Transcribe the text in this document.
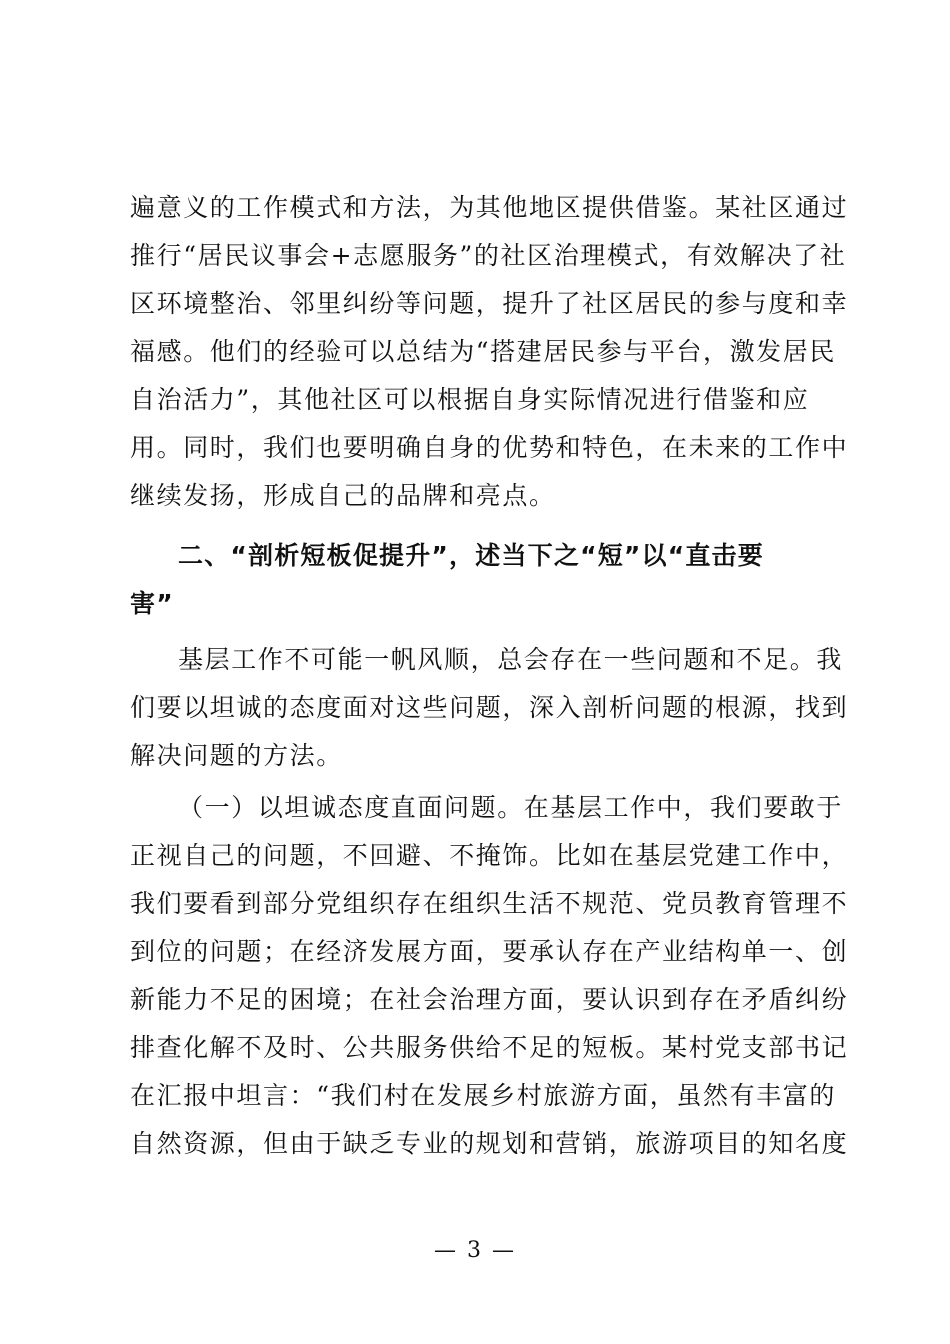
遍意义的工作模式和方法，为其他地区提供借鉴。某社区通过
推行“居民议事会+志愿服务”的社区治理模式，有效解决了社
区环境整治、邻里纠纷等问题，提升了社区居民的参与度和幸
福感。他们的经验可以总结为“搭建居民参与平台，激发居民
自治活力”，其他社区可以根据自身实际情况进行借鉴和应
用。同时，我们也要明确自身的优势和特色，在未来的工作中
继续发扬，形成自己的品牌和亮点。
二、“剖析短板促提升”，述当下之“短”以“直击要
害”
基层工作不可能一帆风顺，总会存在一些问题和不足。我
们要以坦诚的态度面对这些问题，深入剖析问题的根源，找到
解决问题的方法。
（一）以坦诚态度直面问题。在基层工作中，我们要敢于
正视自己的问题，不回避、不掩饰。比如在基层党建工作中，
我们要看到部分党组织存在组织生活不规范、党员教育管理不
到位的问题；在经济发展方面，要承认存在产业结构单一、创
新能力不足的困境；在社会治理方面，要认识到存在矛盾纠纷
排查化解不及时、公共服务供给不足的短板。某村党支部书记
在汇报中坦言：“我们村在发展乡村旅游方面，虽然有丰富的
自然资源，但由于缺乏专业的规划和营销，旅游项目的知名度
— 3 —
